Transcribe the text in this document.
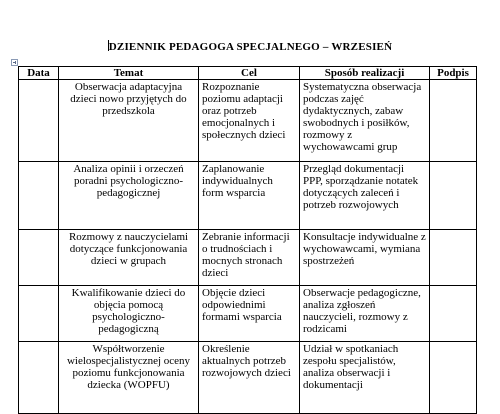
DZIENNIK PEDAGOGA SPECJALNEGO – WRZESIEŃ
Data	Temat	Cel	Sposób realizacji	Podpis
	Obserwacja adaptacyjna dzieci nowo przyjętych do przedszkola	Rozpoznanie poziomu adaptacji oraz potrzeb emocjonalnych i społecznych dzieci	Systematyczna obserwacja podczas zajęć dydaktycznych, zabaw swobodnych i posiłków, rozmowy z wychowawcami grup	
	Analiza opinii i orzeczeń poradni psychologiczno-pedagogicznej	Zaplanowanie indywidualnych form wsparcia	Przegląd dokumentacji PPP, sporządzanie notatek dotyczących zaleceń i potrzeb rozwojowych	
	Rozmowy z nauczycielami dotyczące funkcjonowania dzieci w grupach	Zebranie informacji o trudnościach i mocnych stronach dzieci	Konsultacje indywidualne z wychowawcami, wymiana spostrzeżeń	
	Kwalifikowanie dzieci do objęcia pomocą psychologiczno-pedagogiczną	Objęcie dzieci odpowiednimi formami wsparcia	Obserwacje pedagogiczne, analiza zgłoszeń nauczycieli, rozmowy z rodzicami	
	Współtworzenie wielospecjalistycznej oceny poziomu funkcjonowania dziecka (WOPFU)	Określenie aktualnych potrzeb rozwojowych dzieci	Udział w spotkaniach zespołu specjalistów, analiza obserwacji i dokumentacji	
